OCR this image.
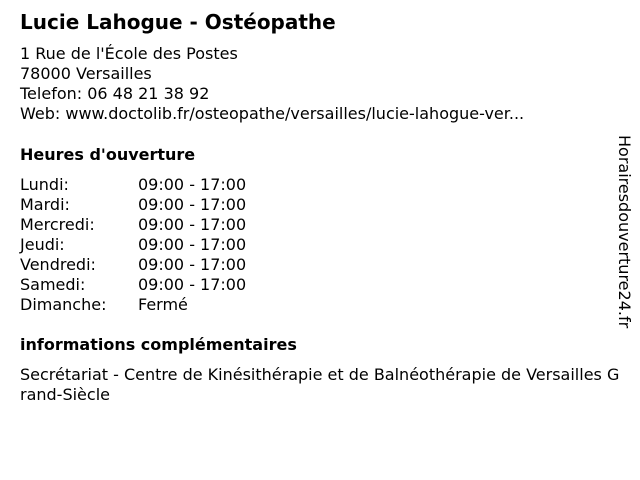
Lucie Lahogue - Ostéopathe
1 Rue de l'École des Postes
78000 Versailles
Telefon: 06 48 21 38 92
Web: www.doctolib.fr/osteopathe/versailles/lucie-lahogue-ver...
Heures d'ouverture
Lundi:	09:00 - 17:00
Mardi:	09:00 - 17:00
Mercredi:	09:00 - 17:00
Jeudi:	09:00 - 17:00
Vendredi:	09:00 - 17:00
Samedi:	09:00 - 17:00
Dimanche:	Fermé
informations complémentaires
Secrétariat - Centre de Kinésithérapie et de Balnéothérapie de Versailles Grand-Siècle
Horairesdouverture24.fr
